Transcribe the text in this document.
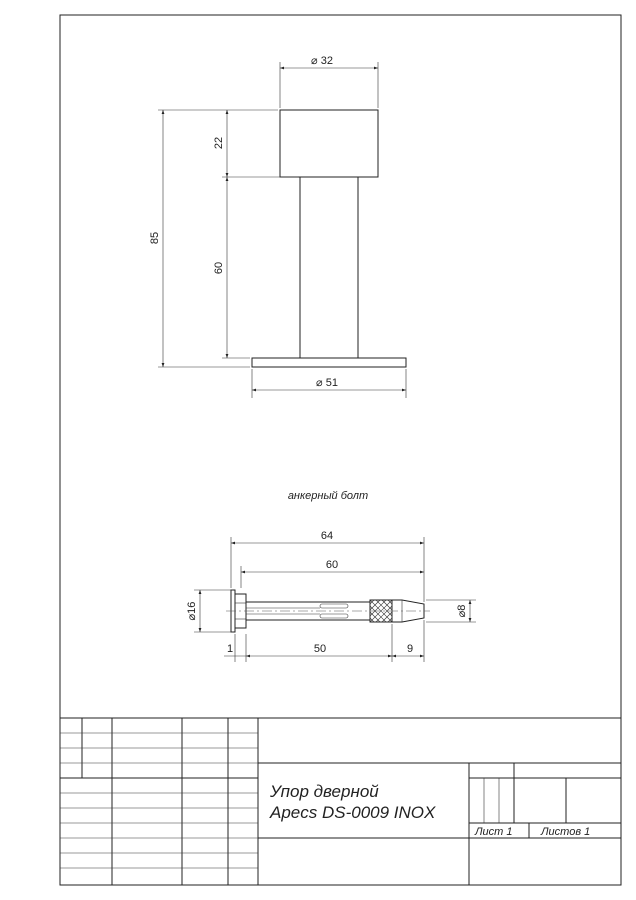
⌀ 32
⌀ 51
85
22
60
анкерный болт
64
60
50	9
1
⌀16	⌀8
Упор дверной
Apecs DS-0009 INOX
Лист 1	Листов 1
